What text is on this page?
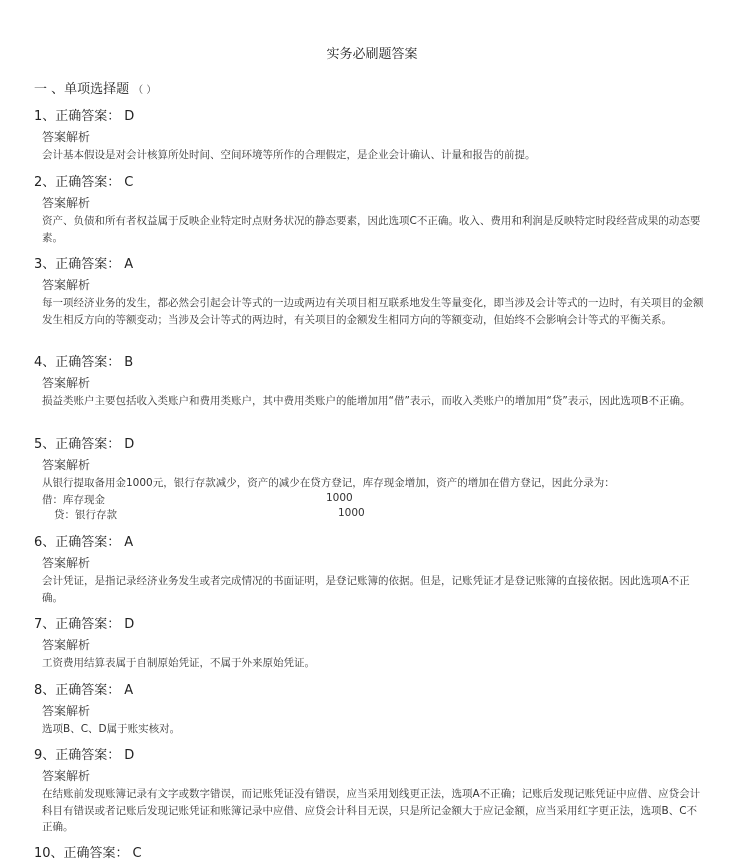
实务必刷题答案
一 、单项选择题 （ ）
1、正确答案： D
答案解析
会计基本假设是对会计核算所处时间、空间环境等所作的合理假定，是企业会计确认、计量和报告的前提。
2、正确答案： C
答案解析
资产、负债和所有者权益属于反映企业特定时点财务状况的静态要素，因此选项C不正确。收入、费用和利润是反映特定时段经营成果的动态要素。
3、正确答案： A
答案解析
每一项经济业务的发生，都必然会引起会计等式的一边或两边有关项目相互联系地发生等量变化，即当涉及会计等式的一边时，有关项目的金额发生相反方向的等额变动；当涉及会计等式的两边时，有关项目的金额发生相同方向的等额变动，但始终不会影响会计等式的平衡关系。
4、正确答案： B
答案解析
损益类账户主要包括收入类账户和费用类账户，其中费用类账户的能增加用“借”表示，而收入类账户的增加用“贷”表示，因此选项B不正确。
5、正确答案： D
答案解析
从银行提取备用金1000元，银行存款减少，资产的减少在贷方登记，库存现金增加，资产的增加在借方登记，因此分录为：
借：库存现金	1000
贷：银行存款	1000
6、正确答案： A
答案解析
会计凭证，是指记录经济业务发生或者完成情况的书面证明，是登记账簿的依据。但是，记账凭证才是登记账簿的直接依据。因此选项A不正确。
7、正确答案： D
答案解析
工资费用结算表属于自制原始凭证，不属于外来原始凭证。
8、正确答案： A
答案解析
选项B、C、D属于账实核对。
9、正确答案： D
答案解析
在结账前发现账簿记录有文字或数字错误，而记账凭证没有错误，应当采用划线更正法，选项A不正确；记账后发现记账凭证中应借、应贷会计科目有错误或者记账后发现记账凭证和账簿记录中应借、应贷会计科目无误，只是所记金额大于应记金额，应当采用红字更正法，选项B、C不正确。
10、正确答案： C
